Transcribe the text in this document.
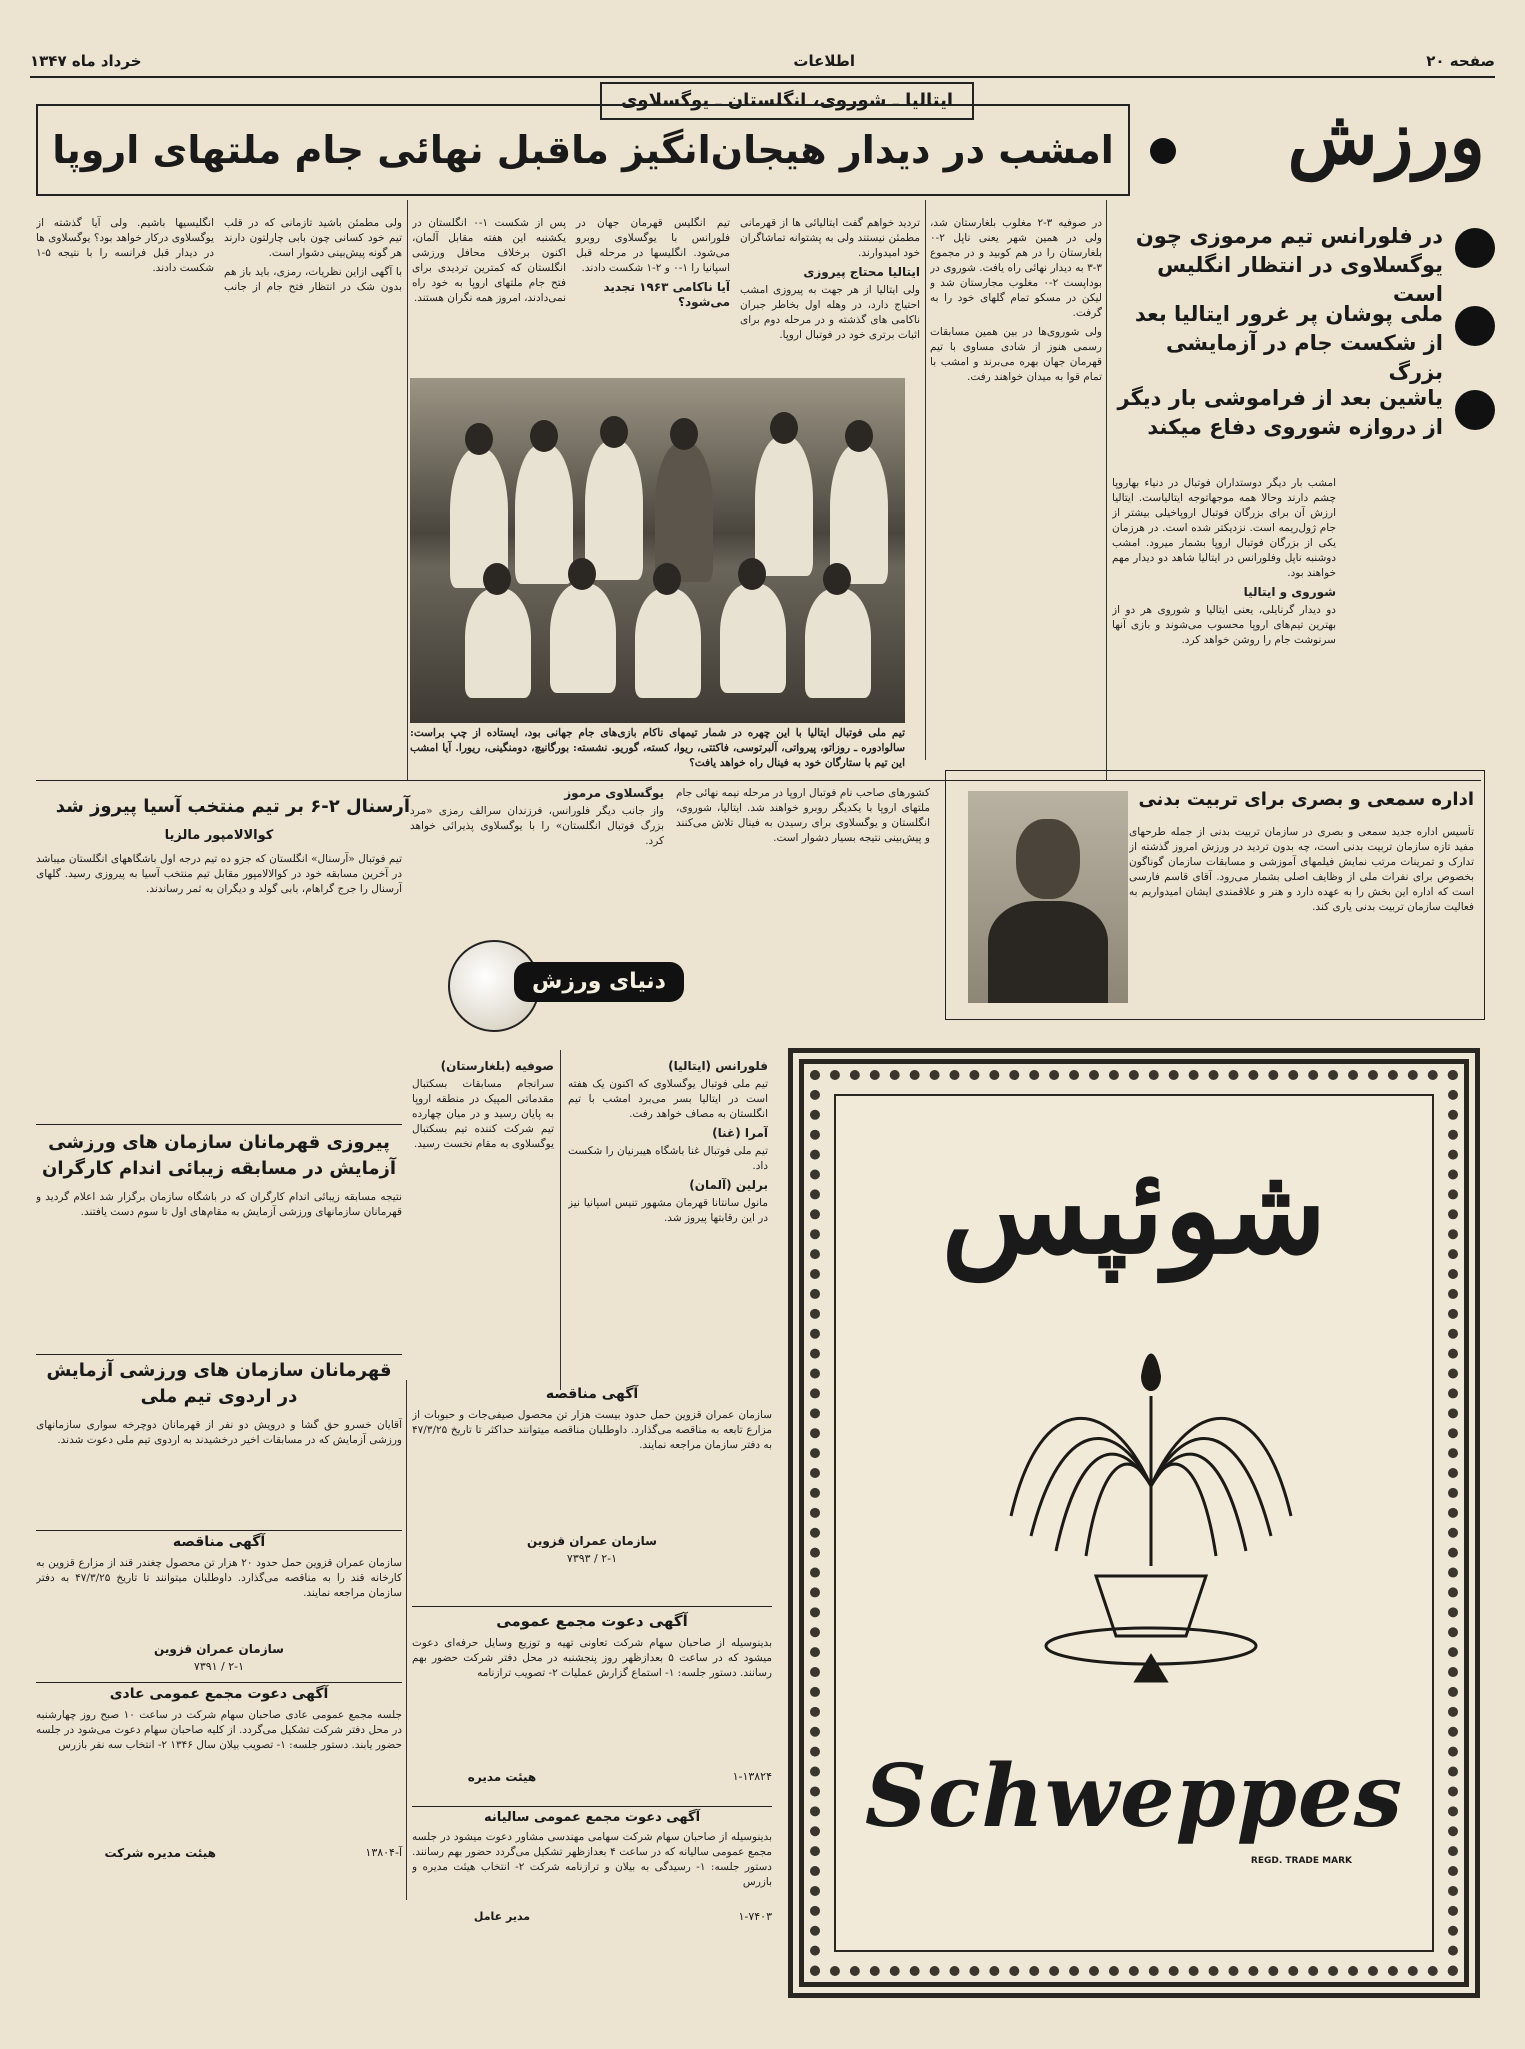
صفحه ۲۰
اطلاعات
خرداد ماه ۱۳۴۷
ورزش
در فلورانس تیم مرموزی چون یوگسلاوی در انتظار انگلیس است
ملی پوشان پر غرور ایتالیا بعد از شکست جام در آزمایشی بزرگ
یاشین بعد از فراموشی بار دیگر از دروازه شوروی دفاع میکند
ایتالیا ـ شوروی، انگلستان ـ یوگسلاوی
امشب در دیدار هیجان‌انگیز ماقبل نهائی جام ملتهای اروپا

امشب بار دیگر دوستداران فوتبال در دنیاء بهاروپا چشم دارند وحالا همه موجهاتوجه ایتالیاست. ایتالیا ارزش آن برای بزرگان فوتبال اروپاخیلی بیشتر از جام ژول‌ریمه است. نزدیکتر شده است. در هرزمان یکی از بزرگان فوتبال اروپا بشمار میرود. امشب دوشنبه ناپل وفلورانس در ایتالیا شاهد دو دیدار مهم خواهند بود.

شوروی و ایتالیا

دو دیدار گرنایلی، یعنی ایتالیا و شوروی هر دو از بهترین تیم‌های اروپا محسوب می‌شوند و بازی آنها سرنوشت جام را روشن خواهد کرد.

در صوفیه ۳-۲ مغلوب بلغارستان شد، ولی در همین شهر یعنی ناپل ۲-۰ بلغارستان را در هم کوبید و در مجموع ۳-۳ به دیدار نهائی راه یافت. شوروی در بوداپست ۲-۰ مغلوب مجارستان شد و لیکن در مسکو تمام گلهای خود را به گرفت.

ولی شوروی‌ها در بین همین مسابقات رسمی هنوز از شادی مساوی با تیم قهرمان جهان بهره می‌برند و امشب با تمام قوا به میدان خواهند رفت.

تردید خواهم گفت ایتالیائی ها از قهرمانی مطمئن نیستند ولی به پشتوانه تماشاگران خود امیدوارند.

ایتالیا محتاج پیروزی

ولی ایتالیا از هر جهت به پیروزی امشب احتیاج دارد، در وهله اول بخاطر جبران ناکامی های گذشته و در مرحله دوم برای اثبات برتری خود در فوتبال اروپا.

تیم انگلیس قهرمان جهان در فلورانس با یوگسلاوی روبرو می‌شود. انگلیسها در مرحله قبل اسپانیا را ۱-۰ و ۲-۱ شکست دادند.

آیا ناکامی ۱۹۶۳ تجدید می‌شود؟

پس از شکست ۱-۰ انگلستان در یکشنبه این هفته مقابل آلمان، اکنون برخلاف محافل ورزشی انگلستان که کمترین تردیدی برای فتح جام ملتهای اروپا به خود راه نمی‌دادند، امروز همه نگران هستند.

ولی مطمئن باشید تازمانی که در قلب تیم خود کسانی چون بابی چارلتون دارند هر گونه پیش‌بینی دشوار است.

با آگهی ازاین نظریات، رمزی، باید باز هم بدون شک در انتظار فتح جام از جانب انگلیسیها باشیم. ولی آیا گذشته از یوگسلاوی درکار خواهد بود؟ یوگسلاوی ها در دیدار قبل فرانسه را با نتیجه ۵-۱ شکست دادند.

تیم ملی فوتبال ایتالیا با این چهره در شمار تیمهای ناکام بازی‌های جام جهانی بود، ایستاده از چپ براست: سالوادوره ـ روزاتو، پیرواتی، آلبرتوسی، فاکتتی، ریوا، کسته، گوریو. نشسته: بورگانیچ، دومنگینی، ریورا. آیا امشب این تیم با ستارگان خود به فینال راه خواهد یافت؟

کشورهای صاحب نام فوتبال اروپا در مرحله نیمه نهائی جام ملتهای اروپا با یکدیگر روبرو خواهند شد. ایتالیا، شوروی، انگلستان و یوگسلاوی برای رسیدن به فینال تلاش می‌کنند و پیش‌بینی نتیجه بسیار دشوار است.

یوگسلاوی مرموز

واز جانب دیگر فلورانس، فرزندان سرالف رمزی «مرد بزرگ فوتبال انگلستان» را با یوگسلاوی پذیرائی خواهد کرد.

اداره سمعی و بصری برای تربیت بدنی
تأسیس اداره جدید سمعی و بصری در سازمان تربیت بدنی از جمله طرحهای مفید تازه سازمان تربیت بدنی است، چه بدون تردید در ورزش امروز گذشته از تدارک و تمرینات مرتب نمایش فیلمهای آموزشی و مسابقات سازمان گوناگون بخصوص برای نفرات ملی از وظایف اصلی بشمار می‌رود. آقای قاسم فارسی است که اداره این بخش را به عهده دارد و هنر و علاقمندی ایشان امیدواریم به فعالیت سازمان تربیت بدنی یاری کند.
آرسنال ۲-۶ بر تیم منتخب آسیا پیروز شد
کوالالامپور مالزیا
تیم فوتبال «آرسنال» انگلستان که جزو ده تیم درجه اول باشگاههای انگلستان میباشد در آخرین مسابقه خود در کوالالامپور مقابل تیم منتخب آسیا به پیروزی رسید. گلهای آرسنال را جرج گراهام، بابی گولد و دیگران به ثمر رساندند.
دنیای ورزش
فلورانس (ایتالیا)

تیم ملی فوتبال یوگسلاوی که اکنون یک هفته است در ایتالیا بسر می‌برد امشب با تیم انگلستان به مصاف خواهد رفت.

آمرا (غنا)

تیم ملی فوتبال غنا باشگاه هیبرنیان را شکست داد.

برلین (آلمان)

مانول سانتانا قهرمان مشهور تنیس اسپانیا نیز در این رقابتها پیروز شد.

صوفیه (بلغارستان)

سرانجام مسابقات بسکتبال مقدماتی المپیک در منطقه اروپا به پایان رسید و در میان چهارده تیم شرکت کننده تیم بسکتبال یوگسلاوی به مقام نخست رسید.

پیروزی قهرمانان سازمان های ورزشی آزمایش در مسابقه زیبائی اندام کارگران
نتیجه مسابقه زیبائی اندام کارگران که در باشگاه سازمان برگزار شد اعلام گردید و قهرمانان سازمانهای ورزشی آزمایش به مقام‌های اول تا سوم دست یافتند.
قهرمانان سازمان های ورزشی آزمایش در اردوی تیم ملی
آقایان خسرو حق گشا و درویش دو نفر از قهرمانان دوچرخه سواری سازمانهای ورزشی آزمایش که در مسابقات اخیر درخشیدند به اردوی تیم ملی دعوت شدند.
آگهی مناقصه
سازمان عمران قزوین حمل حدود ۲۰ هزار تن محصول چغندر قند از مزارع قزوین به کارخانه قند را به مناقصه می‌گذارد. داوطلبان میتوانند تا تاریخ ۴۷/۳/۲۵ به دفتر سازمان مراجعه نمایند.
سازمان عمران قزوین
۲-۱ / ۷۳۹۱
آگهی دعوت مجمع عمومی عادی
جلسه مجمع عمومی عادی صاحبان سهام شرکت در ساعت ۱۰ صبح روز چهارشنبه در محل دفتر شرکت تشکیل می‌گردد. از کلیه صاحبان سهام دعوت می‌شود در جلسه حضور یابند. دستور جلسه: ۱- تصویب بیلان سال ۱۳۴۶ ۲- انتخاب سه نفر بازرس
هیئت مدیره شرکت	آ-۱۳۸۰۴
آگهی مناقصه
سازمان عمران قزوین حمل حدود بیست هزار تن محصول صیفی‌جات و حبوبات از مزارع تابعه به مناقصه می‌گذارد. داوطلبان مناقصه میتوانند حداکثر تا تاریخ ۴۷/۳/۲۵ به دفتر سازمان مراجعه نمایند.
سازمان عمران قزوین
۲-۱ / ۷۳۹۳
آگهی دعوت مجمع عمومی
بدینوسیله از صاحبان سهام شرکت تعاونی تهیه و توزیع وسایل حرفه‌ای دعوت میشود که در ساعت ۵ بعدازظهر روز پنجشنبه در محل دفتر شرکت حضور بهم رسانند. دستور جلسه: ۱- استماع گزارش عملیات ۲- تصویب ترازنامه
هیئت مدیره	۱-۱۳۸۲۴
آگهی دعوت مجمع عمومی سالیانه
بدینوسیله از صاحبان سهام شرکت سهامی مهندسی مشاور دعوت میشود در جلسه مجمع عمومی سالیانه که در ساعت ۴ بعدازظهر تشکیل می‌گردد حضور بهم رسانند. دستور جلسه: ۱- رسیدگی به بیلان و ترازنامه شرکت ۲- انتخاب هیئت مدیره و بازرس
مدیر عامل	۱-۷۴۰۳
شوئپس
Schweppes
REGD. TRADE MARK
